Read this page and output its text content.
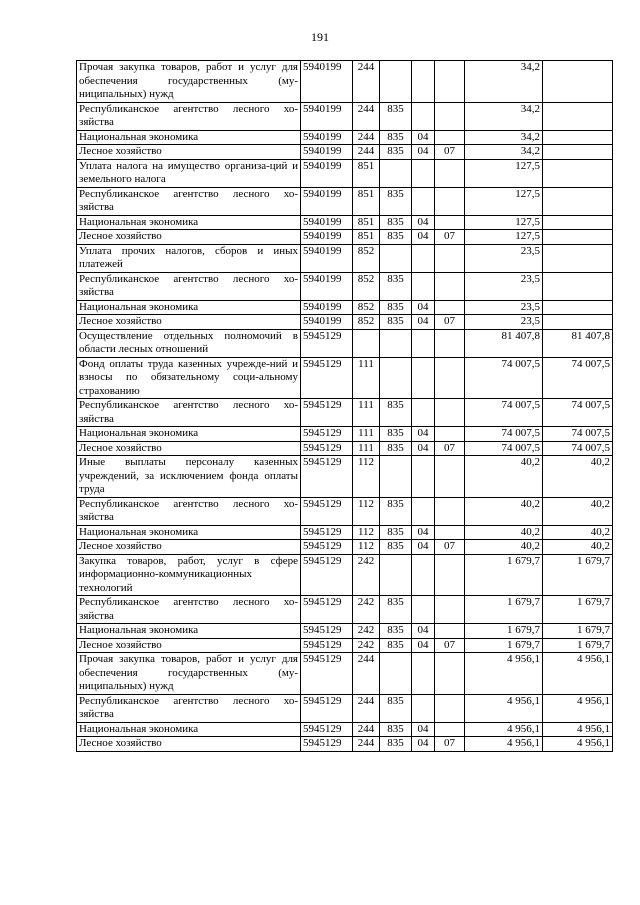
191
Прочая закупка товаров, работ и услуг для обеспечения государственных (му-ниципальных) нужд	5940199	244				34,2	
Республиканское агентство лесного хо-зяйства	5940199	244	835			34,2	
Национальная экономика	5940199	244	835	04		34,2	
Лесное хозяйство	5940199	244	835	04	07	34,2	
Уплата налога на имущество организа-ций и земельного налога	5940199	851				127,5	
Республиканское агентство лесного хо-зяйства	5940199	851	835			127,5	
Национальная экономика	5940199	851	835	04		127,5	
Лесное хозяйство	5940199	851	835	04	07	127,5	
Уплата прочих налогов, сборов и иных платежей	5940199	852				23,5	
Республиканское агентство лесного хо-зяйства	5940199	852	835			23,5	
Национальная экономика	5940199	852	835	04		23,5	
Лесное хозяйство	5940199	852	835	04	07	23,5	
Осуществление отдельных полномочий в области лесных отношений	5945129					81 407,8	81 407,8
Фонд оплаты труда казенных учрежде-ний и взносы по обязательному соци-альному страхованию	5945129	111				74 007,5	74 007,5
Республиканское агентство лесного хо-зяйства	5945129	111	835			74 007,5	74 007,5
Национальная экономика	5945129	111	835	04		74 007,5	74 007,5
Лесное хозяйство	5945129	111	835	04	07	74 007,5	74 007,5
Иные выплаты персоналу казенных учреждений, за исключением фонда оплаты труда	5945129	112				40,2	40,2
Республиканское агентство лесного хо-зяйства	5945129	112	835			40,2	40,2
Национальная экономика	5945129	112	835	04		40,2	40,2
Лесное хозяйство	5945129	112	835	04	07	40,2	40,2
Закупка товаров, работ, услуг в сфере информационно-коммуникационных технологий	5945129	242				1 679,7	1 679,7
Республиканское агентство лесного хо-зяйства	5945129	242	835			1 679,7	1 679,7
Национальная экономика	5945129	242	835	04		1 679,7	1 679,7
Лесное хозяйство	5945129	242	835	04	07	1 679,7	1 679,7
Прочая закупка товаров, работ и услуг для обеспечения государственных (му-ниципальных) нужд	5945129	244				4 956,1	4 956,1
Республиканское агентство лесного хо-зяйства	5945129	244	835			4 956,1	4 956,1
Национальная экономика	5945129	244	835	04		4 956,1	4 956,1
Лесное хозяйство	5945129	244	835	04	07	4 956,1	4 956,1
